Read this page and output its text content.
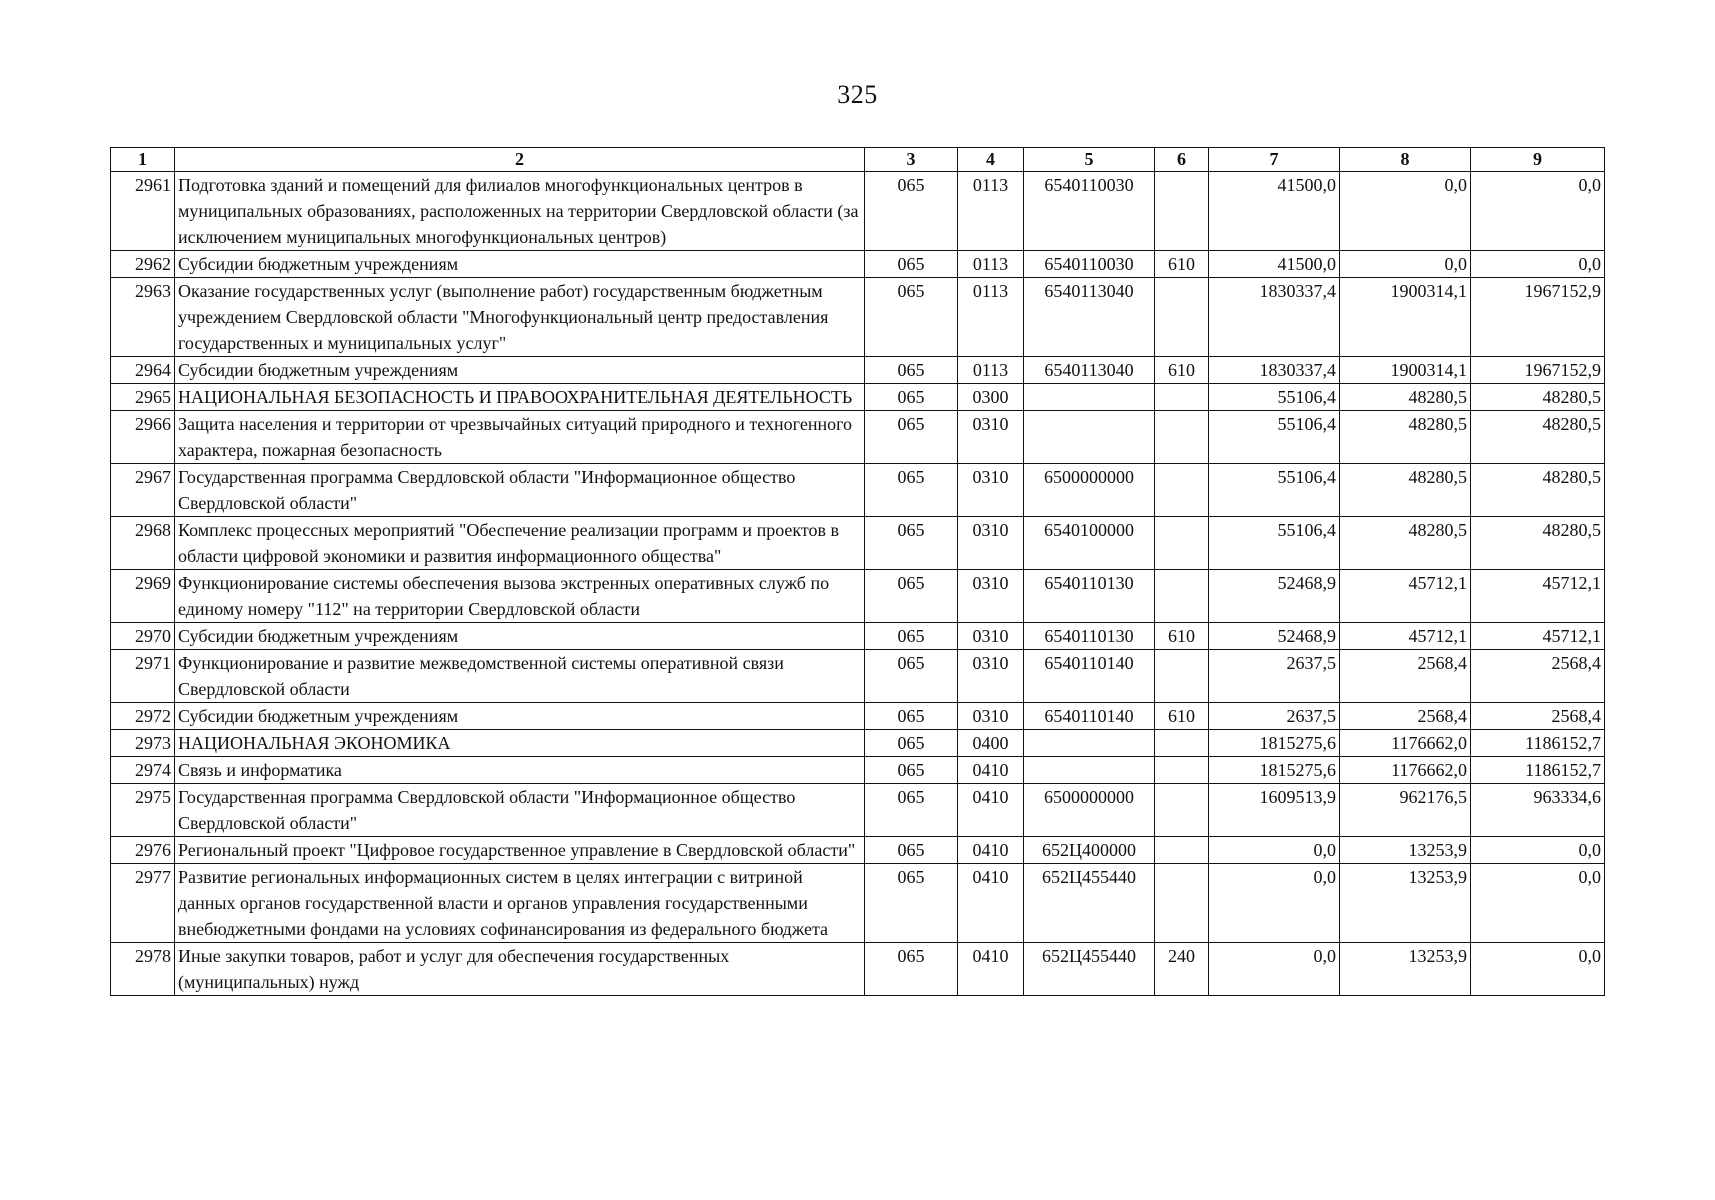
325
1	2	3	4	5	6	7	8	9
2961	Подготовка зданий и помещений для филиалов многофункциональных центров в муниципальных образованиях, расположенных на территории Свердловской области (за исключением муниципальных многофункциональных центров)	065	0113	6540110030		41500,0	0,0	0,0
2962	Субсидии бюджетным учреждениям	065	0113	6540110030	610	41500,0	0,0	0,0
2963	Оказание государственных услуг (выполнение работ) государственным бюджетным учреждением Свердловской области "Многофункциональный центр предоставления государственных и муниципальных услуг"	065	0113	6540113040		1830337,4	1900314,1	1967152,9
2964	Субсидии бюджетным учреждениям	065	0113	6540113040	610	1830337,4	1900314,1	1967152,9
2965	НАЦИОНАЛЬНАЯ БЕЗОПАСНОСТЬ И ПРАВООХРАНИТЕЛЬНАЯ ДЕЯТЕЛЬНОСТЬ	065	0300			55106,4	48280,5	48280,5
2966	Защита населения и территории от чрезвычайных ситуаций природного и техногенного характера, пожарная безопасность	065	0310			55106,4	48280,5	48280,5
2967	Государственная программа Свердловской области "Информационное общество Свердловской области"	065	0310	6500000000		55106,4	48280,5	48280,5
2968	Комплекс процессных мероприятий "Обеспечение реализации программ и проектов в области цифровой экономики и развития информационного общества"	065	0310	6540100000		55106,4	48280,5	48280,5
2969	Функционирование системы обеспечения вызова экстренных оперативных служб по единому номеру "112" на территории Свердловской области	065	0310	6540110130		52468,9	45712,1	45712,1
2970	Субсидии бюджетным учреждениям	065	0310	6540110130	610	52468,9	45712,1	45712,1
2971	Функционирование и развитие межведомственной системы оперативной связи Свердловской области	065	0310	6540110140		2637,5	2568,4	2568,4
2972	Субсидии бюджетным учреждениям	065	0310	6540110140	610	2637,5	2568,4	2568,4
2973	НАЦИОНАЛЬНАЯ ЭКОНОМИКА	065	0400			1815275,6	1176662,0	1186152,7
2974	Связь и информатика	065	0410			1815275,6	1176662,0	1186152,7
2975	Государственная программа Свердловской области "Информационное общество Свердловской области"	065	0410	6500000000		1609513,9	962176,5	963334,6
2976	Региональный проект "Цифровое государственное управление в Свердловской области"	065	0410	652Ц400000		0,0	13253,9	0,0
2977	Развитие региональных информационных систем в целях интеграции с витриной данных органов государственной власти и органов управления государственными внебюджетными фондами на условиях софинансирования из федерального бюджета	065	0410	652Ц455440		0,0	13253,9	0,0
2978	Иные закупки товаров, работ и услуг для обеспечения государственных (муниципальных) нужд	065	0410	652Ц455440	240	0,0	13253,9	0,0
